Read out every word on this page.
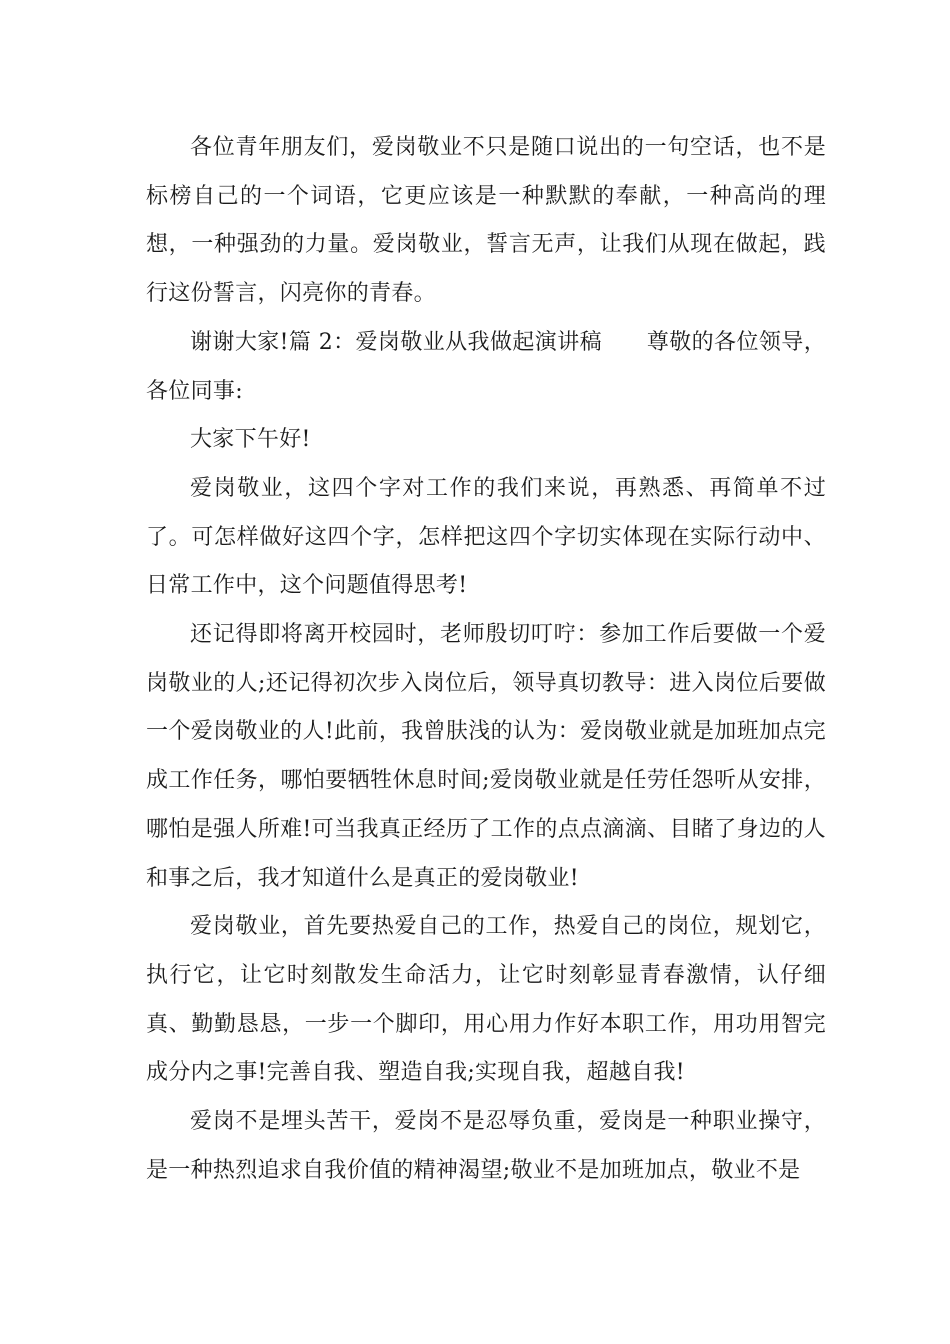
各位青年朋友们，爱岗敬业不只是随口说出的一句空话，也不是标榜自己的一个词语，它更应该是一种默默的奉献，一种高尚的理想，一种强劲的力量。爱岗敬业，誓言无声，让我们从现在做起，践行这份誓言，闪亮你的青春。

谢谢大家!篇 2：爱岗敬业从我做起演讲稿　　尊敬的各位领导，各位同事:

大家下午好!

爱岗敬业，这四个字对工作的我们来说，再熟悉、再简单不过了。可怎样做好这四个字，怎样把这四个字切实体现在实际行动中、日常工作中，这个问题值得思考!

还记得即将离开校园时，老师殷切叮咛：参加工作后要做一个爱岗敬业的人;还记得初次步入岗位后，领导真切教导：进入岗位后要做一个爱岗敬业的人!此前，我曾肤浅的认为：爱岗敬业就是加班加点完成工作任务，哪怕要牺牲休息时间;爱岗敬业就是任劳任怨听从安排，哪怕是强人所难!可当我真正经历了工作的点点滴滴、目睹了身边的人和事之后，我才知道什么是真正的爱岗敬业!

爱岗敬业，首先要热爱自己的工作，热爱自己的岗位，规划它，执行它，让它时刻散发生命活力，让它时刻彰显青春激情，认仔细真、勤勤恳恳，一步一个脚印，用心用力作好本职工作，用功用智完成分内之事!完善自我、塑造自我;实现自我，超越自我!

爱岗不是埋头苦干，爱岗不是忍辱负重，爱岗是一种职业操守，是一种热烈追求自我价值的精神渴望;敬业不是加班加点，敬业不是
